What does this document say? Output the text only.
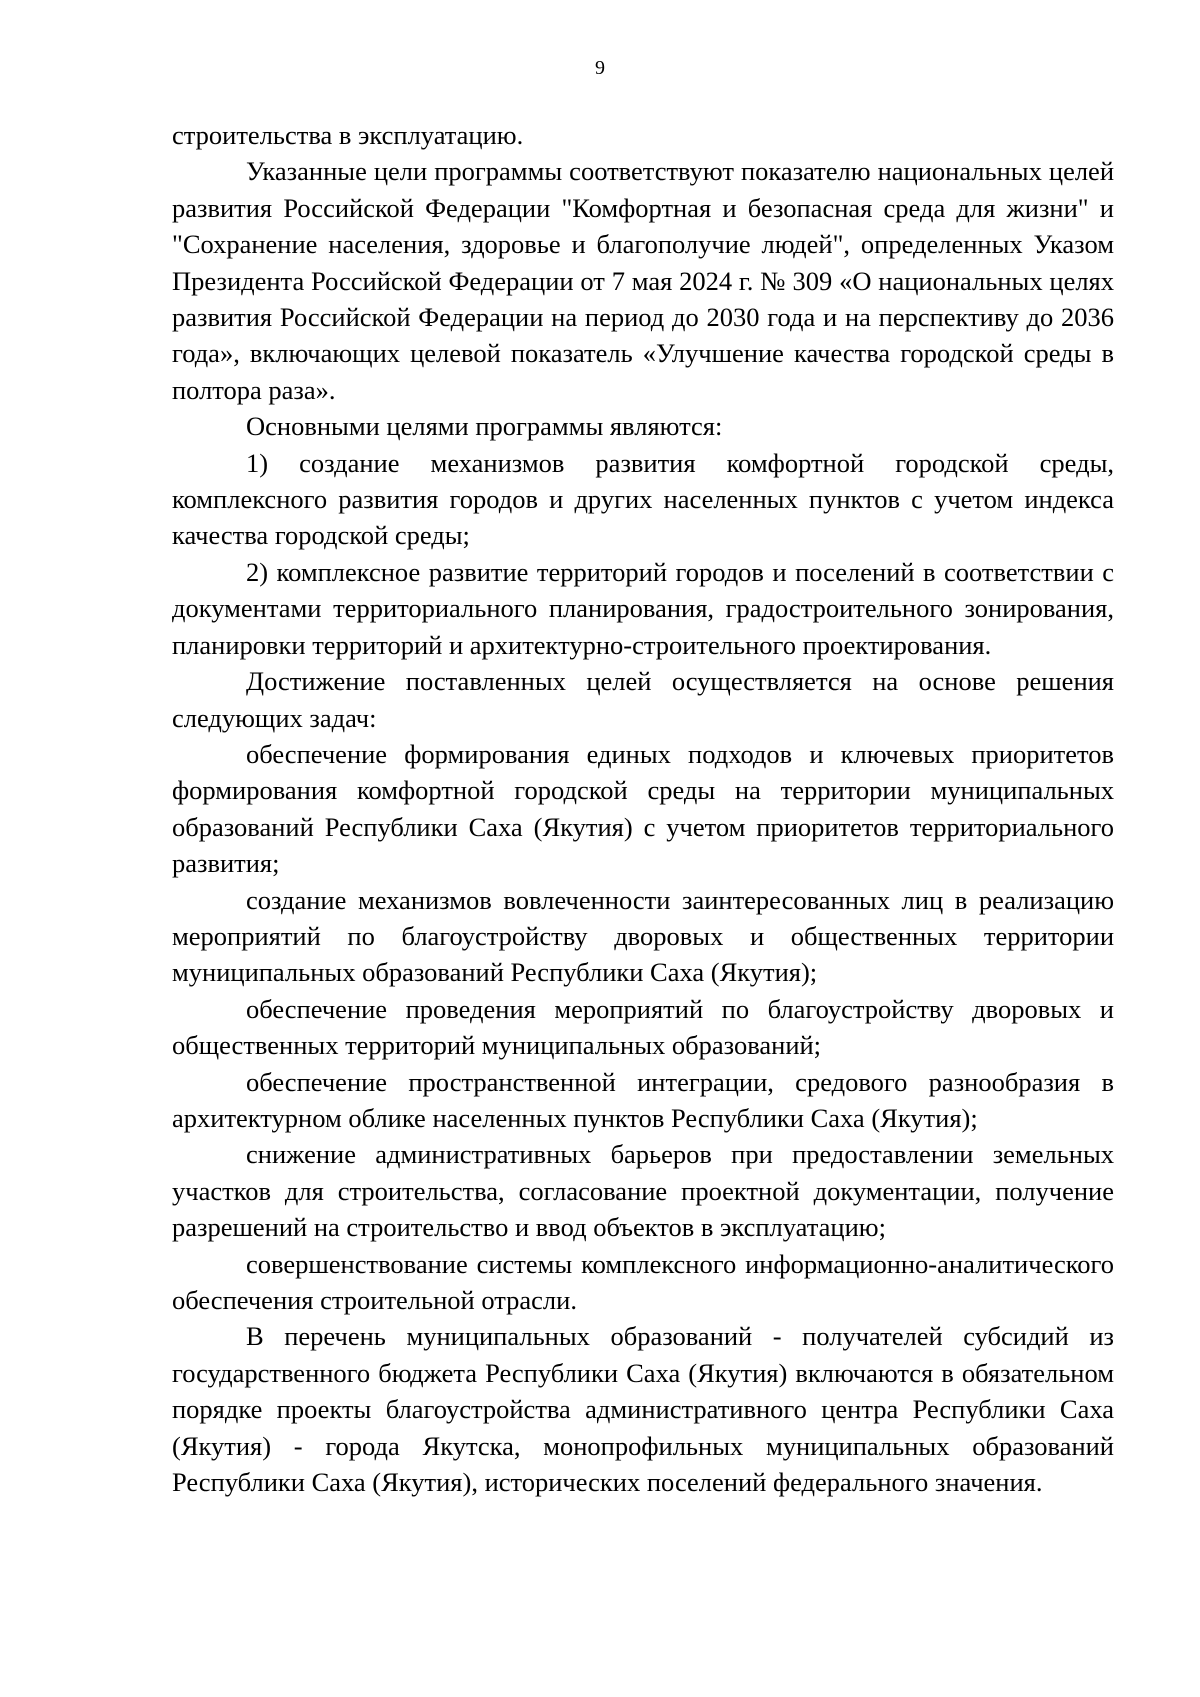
9

строительства в эксплуатацию.

Указанные цели программы соответствуют показателю национальных целей развития Российской Федерации "Комфортная и безопасная среда для жизни" и "Сохранение населения, здоровье и благополучие людей", определенных Указом Президента Российской Федерации от 7 мая 2024 г. № 309 «О национальных целях развития Российской Федерации на период до 2030 года и на перспективу до 2036 года», включающих целевой показатель «Улучшение качества городской среды в полтора раза».

Основными целями программы являются:

1) создание механизмов развития комфортной городской среды, комплексного развития городов и других населенных пунктов с учетом индекса качества городской среды;

2) комплексное развитие территорий городов и поселений в соответствии с документами территориального планирования, градостроительного зонирования, планировки территорий и архитектурно-строительного проектирования.

Достижение поставленных целей осуществляется на основе решения следующих задач:

обеспечение формирования единых подходов и ключевых приоритетов формирования комфортной городской среды на территории муниципальных образований Республики Саха (Якутия) с учетом приоритетов территориального развития;

создание механизмов вовлеченности заинтересованных лиц в реализацию мероприятий по благоустройству дворовых и общественных территории муниципальных образований Республики Саха (Якутия);

обеспечение проведения мероприятий по благоустройству дворовых и общественных территорий муниципальных образований;

обеспечение пространственной интеграции, средового разнообразия в архитектурном облике населенных пунктов Республики Саха (Якутия);

снижение административных барьеров при предоставлении земельных участков для строительства, согласование проектной документации, получение разрешений на строительство и ввод объектов в эксплуатацию;

совершенствование системы комплексного информационно-аналитического обеспечения строительной отрасли.

В перечень муниципальных образований - получателей субсидий из государственного бюджета Республики Саха (Якутия) включаются в обязательном порядке проекты благоустройства административного центра Республики Саха (Якутия) - города Якутска, монопрофильных муниципальных образований Республики Саха (Якутия), исторических поселений федерального значения.
